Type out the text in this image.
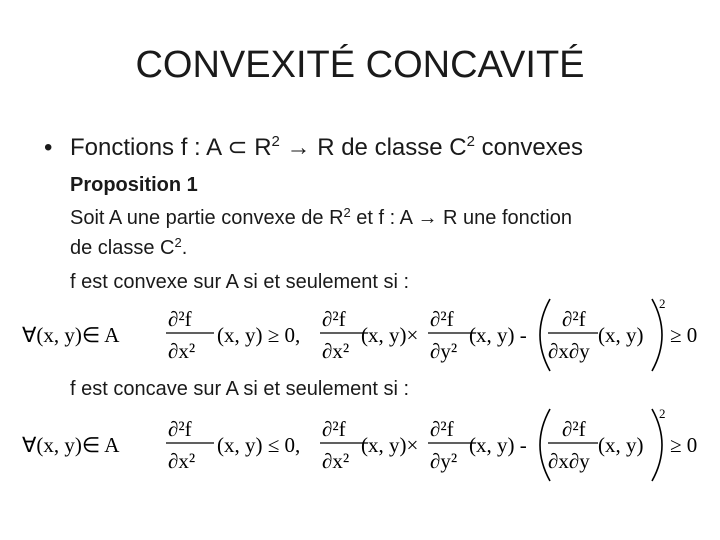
CONVEXITÉ CONCAVITÉ
• Fonctions f : A ⊂ $R^2 \to R$ de classe $C^2$ convexes
Proposition 1
Soit A une partie convexe de $R^2$ et f : A → R une fonction
de classe $C^2$.
f est convexe sur A si et seulement si :
∀(x, y)∈ A
∂²f
∂x²
(x, y) ≥ 0,
∂²f
∂x²
(x, y)×
∂²f
∂y²
(x, y) -
∂²f
∂x∂y
(x, y)
2
≥ 0
f est concave sur A si et seulement si :
∀(x, y)∈ A
∂²f
∂x²
(x, y) ≤ 0,
∂²f
∂x²
(x, y)×
∂²f
∂y²
(x, y) -
∂²f
∂x∂y
(x, y)
2
≥ 0
